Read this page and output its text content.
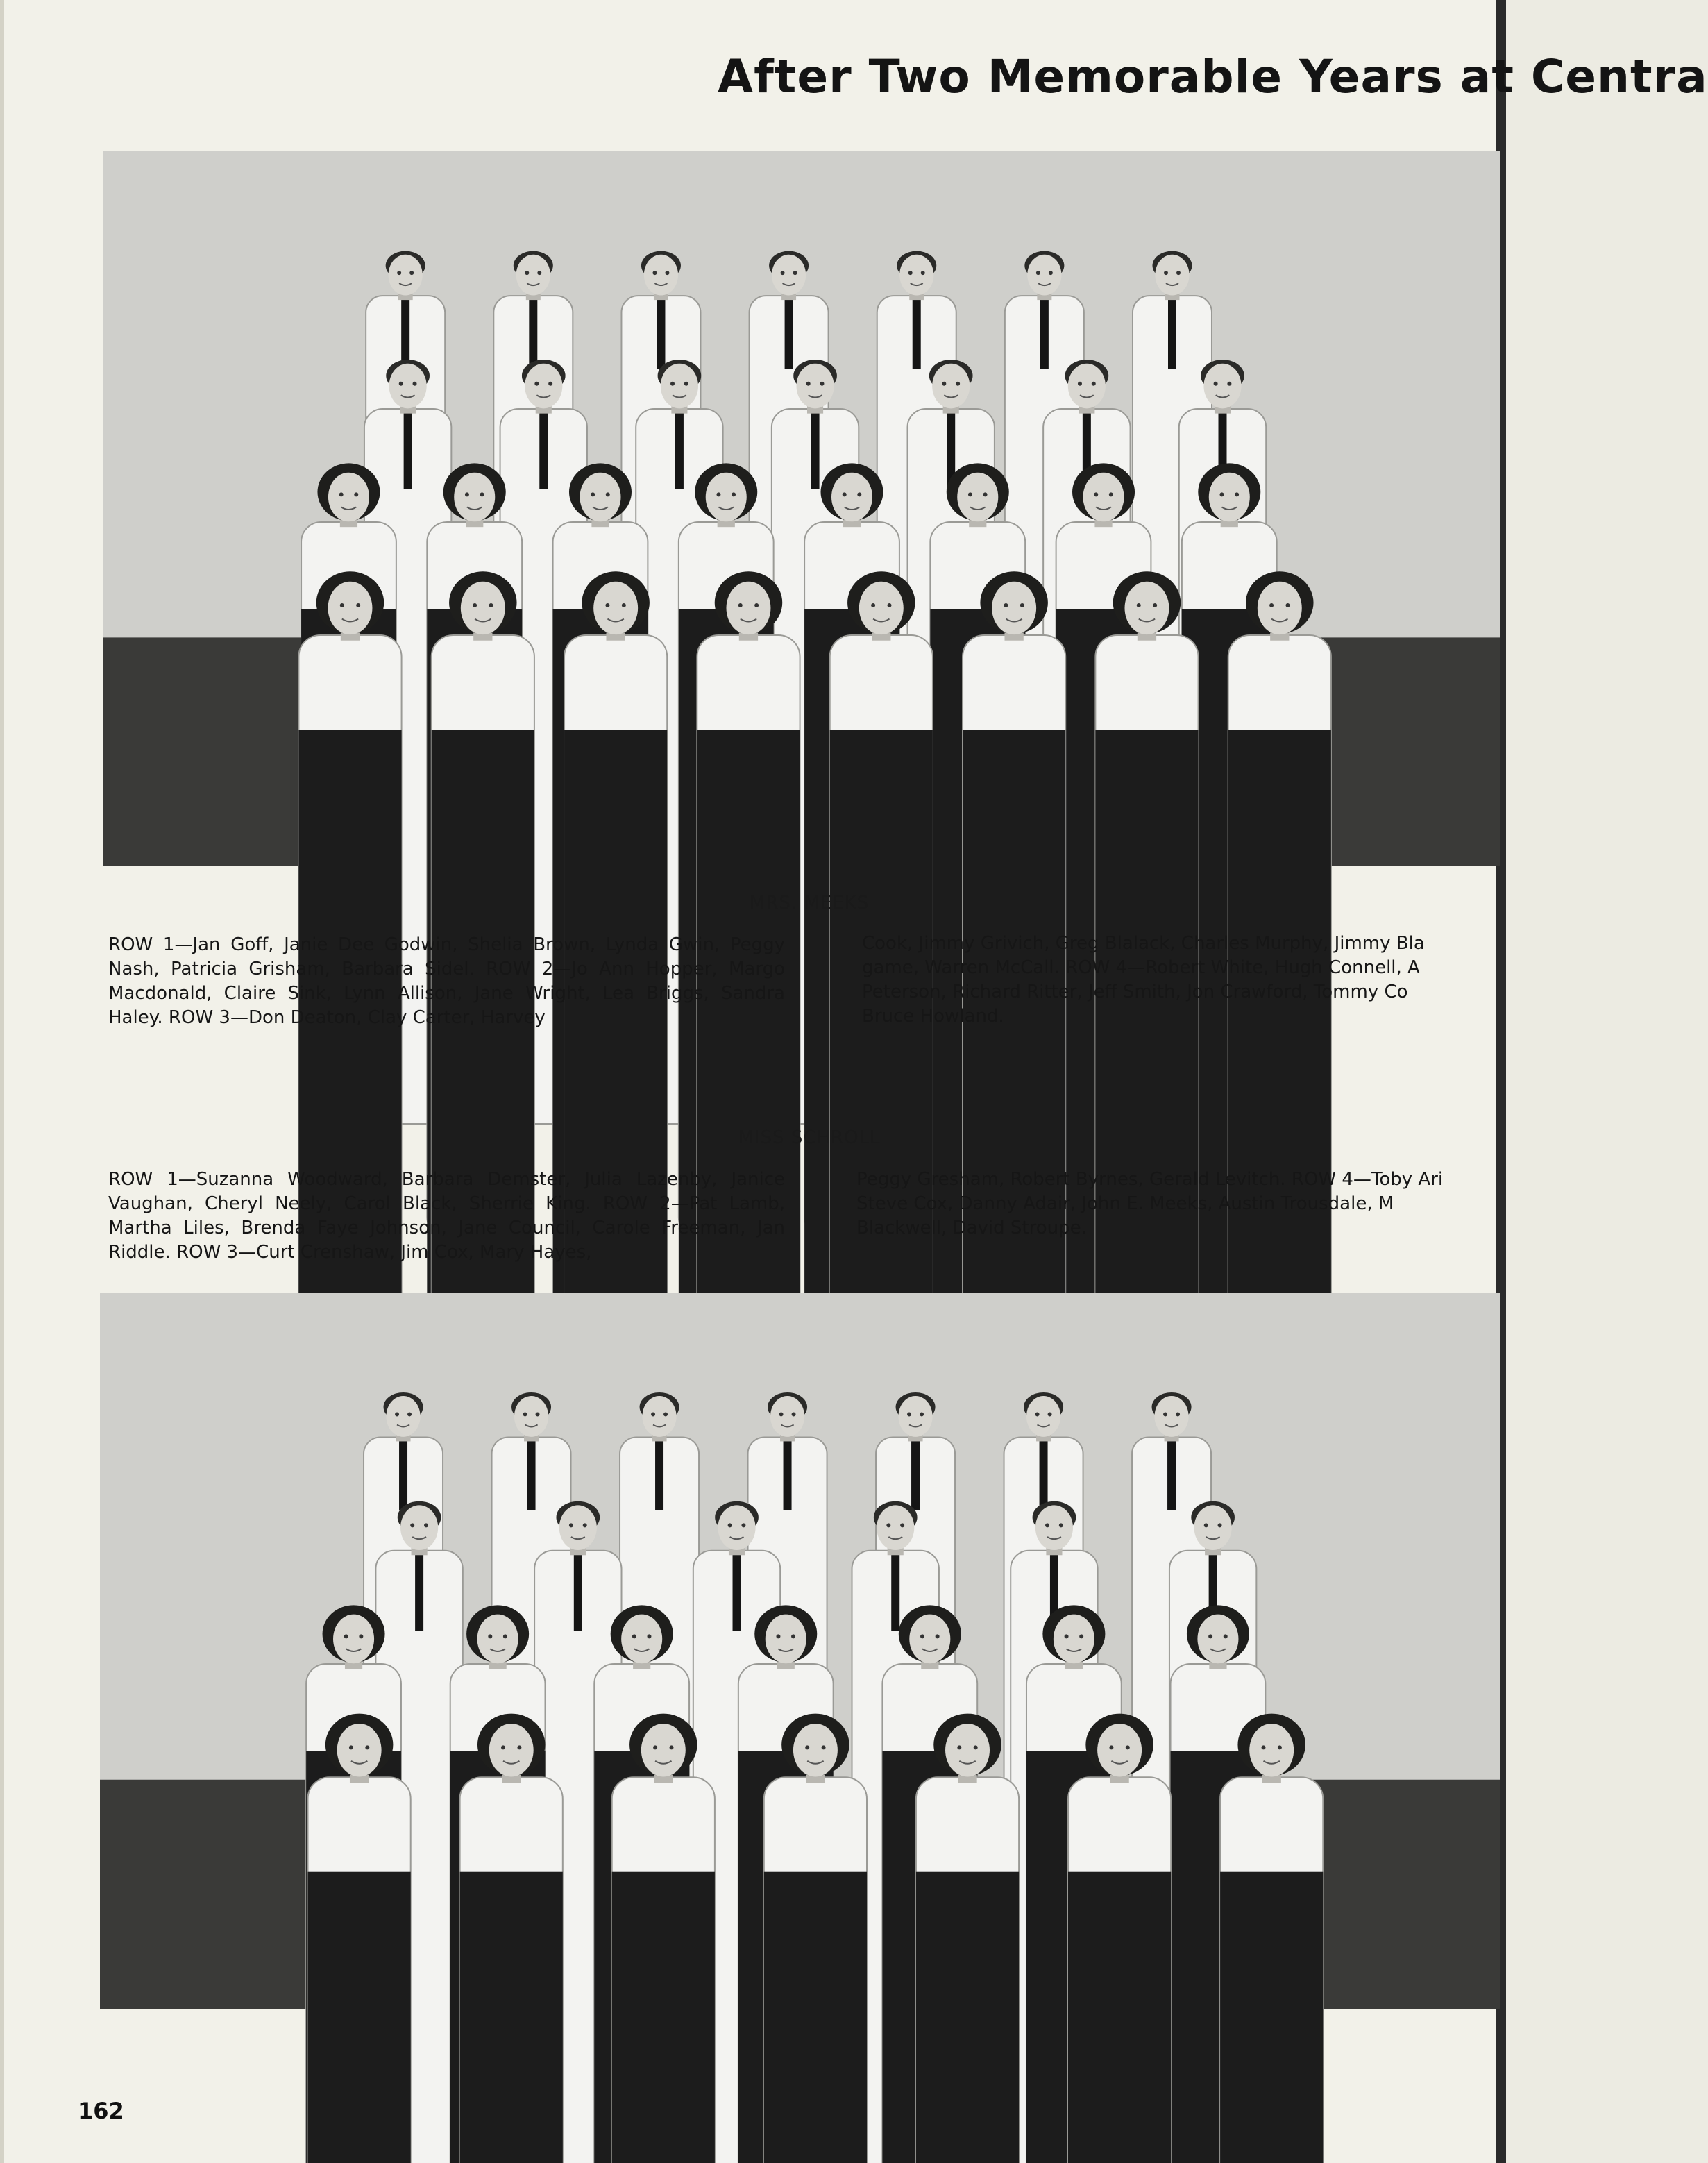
After Two Memorable Years at Centra
MRS. MEEKS
ROW 1—Jan Goff, Janie Dee Godwin, Shelia Brown, Lynda Gwin, Peggy Nash, Patricia Grisham, Barbara Sidel. ROW 2—Jo Ann Hopper, Margo Macdonald, Claire Sink, Lynn Allison, Jane Wright, Lea Briggs, Sandra Haley. ROW 3—Don Deaton, Clay Carter, Harvey
Cook, Jimmy Grivich, Greg Blalack, Charles Murphy, Jimmy Bla
game, Warren McCall. ROW 4—Robert White, Hugh Connell, A
Peterson, Richard Ritter, Jeff Smith, Jon Crawford, Tommy Co
Bruce Howland.
MISS SCHROLL
ROW 1—Suzanna Woodward, Barbara Demster, Julia Lazenby, Janice Vaughan, Cheryl Neely, Carol Black, Sherrie King. ROW 2—Pat Lamb, Martha Liles, Brenda Faye Johnson, Jane Council, Carole Freeman, Jan Riddle. ROW 3—Curt Crenshaw, Jim Cox, Mary Hayes,
Peggy Gresham, Robert Byrnes, Gerald Levitch. ROW 4—Toby Ari
Steve Cox, Danny Adair, John E. Meeks, Austin Trousdale, M
Blackwell, David Stroupe.
162
